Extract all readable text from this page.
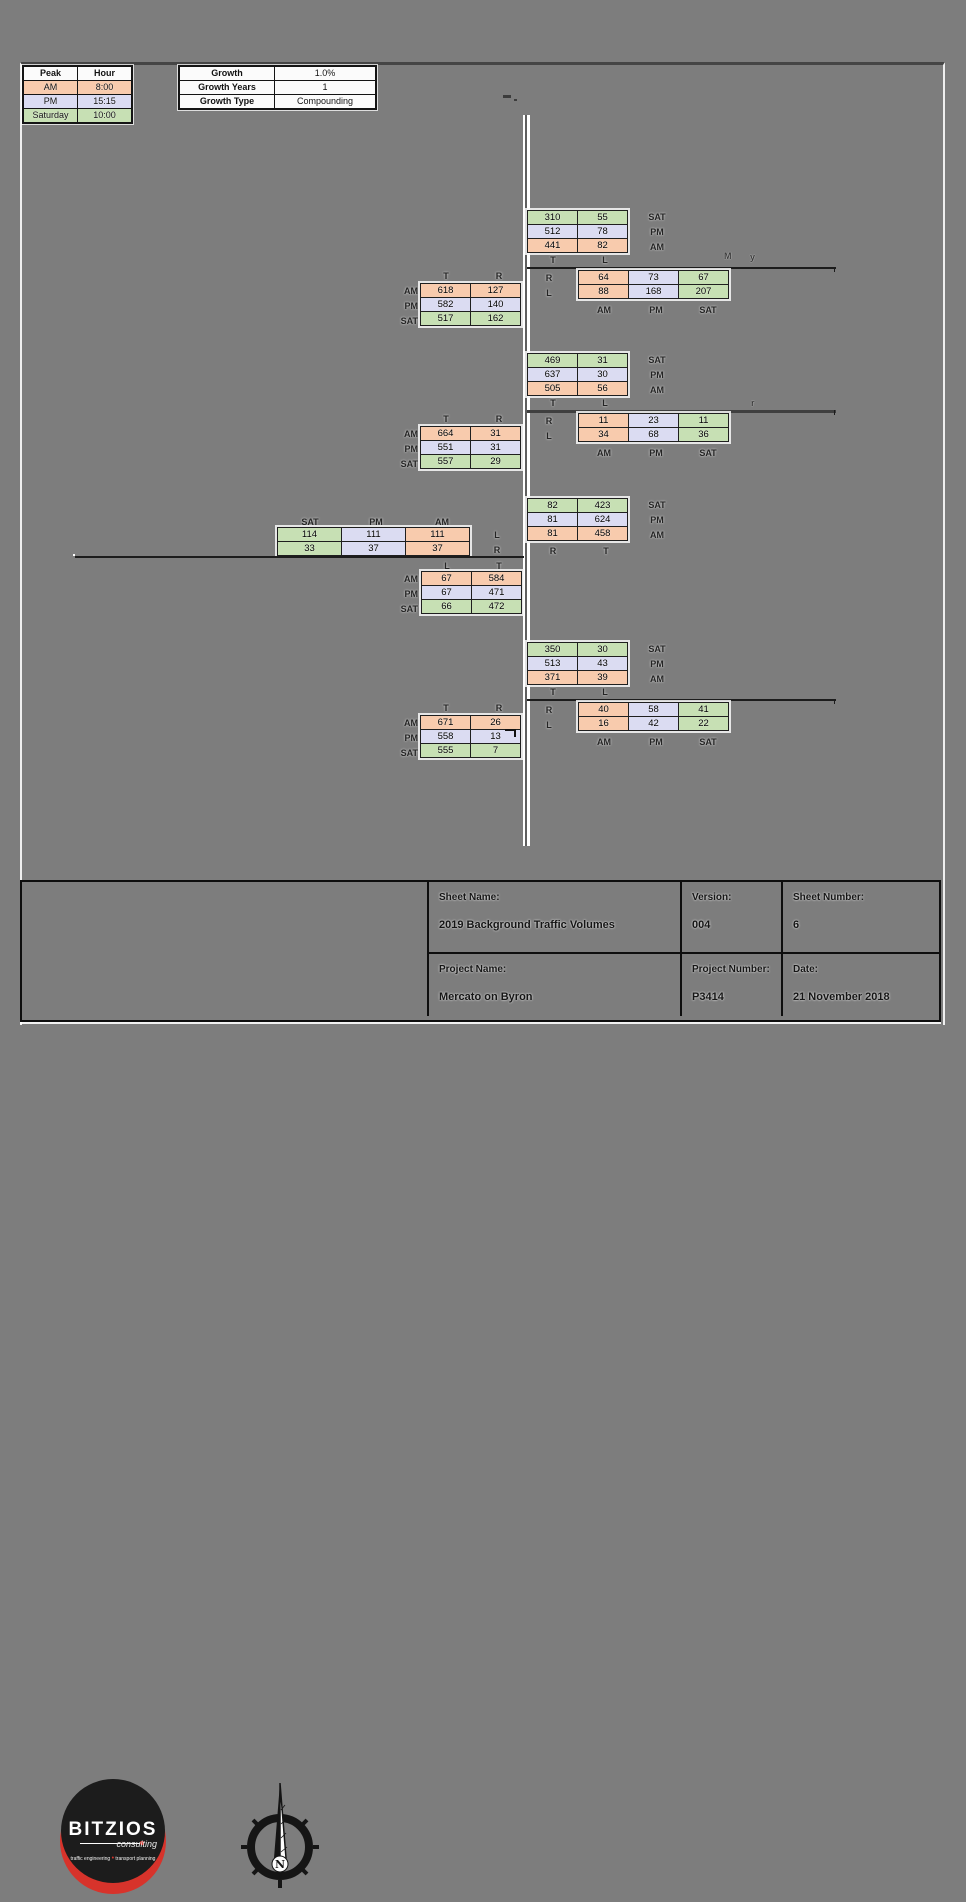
Peak	Hour
AM	8:00
PM	15:15
Saturday	10:00
Growth	1.0%
Growth Years	1
Growth Type	Compounding
310	55
512	78
441	82
SAT
PM
AM
T	L
64	73	67
88	168	207
R
L
AM	PM	SAT
T	R
618	127
582	140
517	162
AM
PM
SAT
469	31
637	30
505	56
SAT
PM
AM
T	L
11	23	11
34	68	36
R
L
AM	PM	SAT
T	R
664	31
551	31
557	29
AM
PM
SAT
82	423
81	624
81	458
SAT
PM
AM
R	T
SAT	PM	AM
114	111	111
33	37	37
L
R
L	T
67	584
67	471
66	472
AM
PM
SAT
350	30
513	43
371	39
SAT
PM
AM
T	L
40	58	41
16	42	22
R
L
AM	PM	SAT
T	R
671	26
558	13
555	7
AM
PM
SAT
M y
r
BITZIOS
consulting
traffic engineering • transport planning	N
Sheet Name:
2019 Background Traffic Volumes
Version:
004
Sheet Number:
6
Project Name:
Mercato on Byron
Project Number:
P3414
Date:
21 November 2018
